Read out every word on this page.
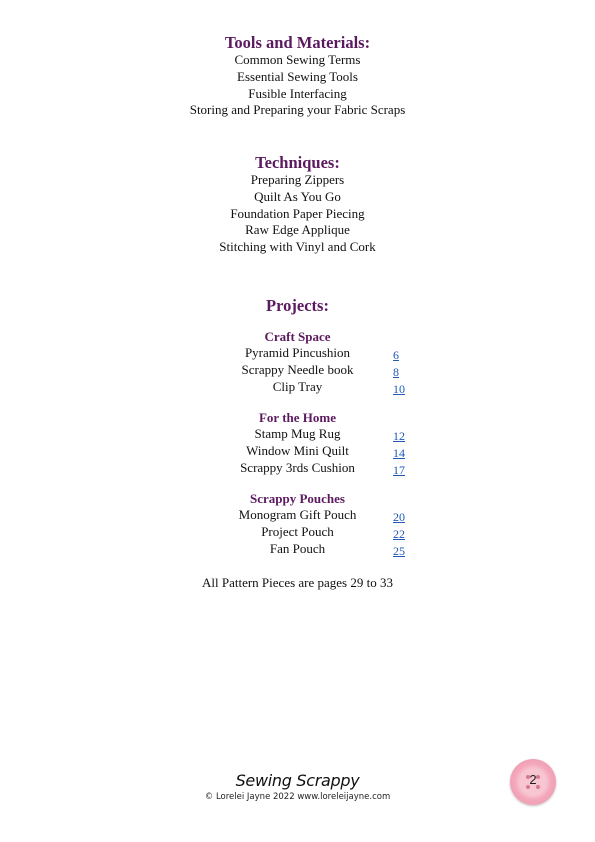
Tools and Materials:
Common Sewing Terms
Essential Sewing Tools
Fusible Interfacing
Storing and Preparing your Fabric Scraps
Techniques:
Preparing Zippers
Quilt As You Go
Foundation Paper Piecing
Raw Edge Applique
Stitching with Vinyl and Cork
Projects:
Craft Space
Pyramid Pincushion	6
Scrappy Needle book	8
Clip Tray	10
For the Home
Stamp Mug Rug	12
Window Mini Quilt	14
Scrappy 3rds Cushion	17
Scrappy Pouches
Monogram Gift Pouch	20
Project Pouch	22
Fan Pouch	25
All Pattern Pieces are pages 29 to 33
Sewing Scrappy
© Lorelei Jayne 2022 www.loreleijayne.com
2
